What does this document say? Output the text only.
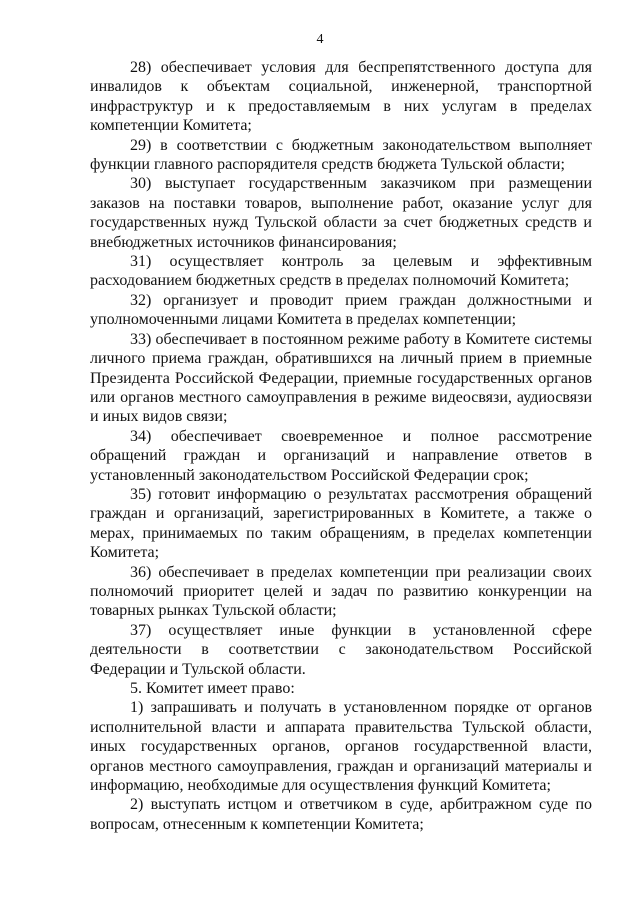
4

28) обеспечивает условия для беспрепятственного доступа для инвалидов к объектам социальной, инженерной, транспортной инфраструктур и к предоставляемым в них услугам в пределах компетенции Комитета;

29) в соответствии с бюджетным законодательством выполняет функции главного распорядителя средств бюджета Тульской области;

30) выступает государственным заказчиком при размещении заказов на поставки товаров, выполнение работ, оказание услуг для государственных нужд Тульской области за счет бюджетных средств и внебюджетных источников финансирования;

31) осуществляет контроль за целевым и эффективным расходованием бюджетных средств в пределах полномочий Комитета;

32) организует и проводит прием граждан должностными и уполномоченными лицами Комитета в пределах компетенции;

33) обеспечивает в постоянном режиме работу в Комитете системы личного приема граждан, обратившихся на личный прием в приемные Президента Российской Федерации, приемные государственных органов или органов местного самоуправления в режиме видеосвязи, аудиосвязи и иных видов связи;

34) обеспечивает своевременное и полное рассмотрение обращений граждан и организаций и направление ответов в установленный законодательством Российской Федерации срок;

35) готовит информацию о результатах рассмотрения обращений граждан и организаций, зарегистрированных в Комитете, а также о мерах, принимаемых по таким обращениям, в пределах компетенции Комитета;

36) обеспечивает в пределах компетенции при реализации своих полномочий приоритет целей и задач по развитию конкуренции на товарных рынках Тульской области;

37) осуществляет иные функции в установленной сфере деятельности в соответствии с законодательством Российской Федерации и Тульской области.

5. Комитет имеет право:

1) запрашивать и получать в установленном порядке от органов исполнительной власти и аппарата правительства Тульской области, иных государственных органов, органов государственной власти, органов местного самоуправления, граждан и организаций материалы и информацию, необходимые для осуществления функций Комитета;

2) выступать истцом и ответчиком в суде, арбитражном суде по вопросам, отнесенным к компетенции Комитета;
